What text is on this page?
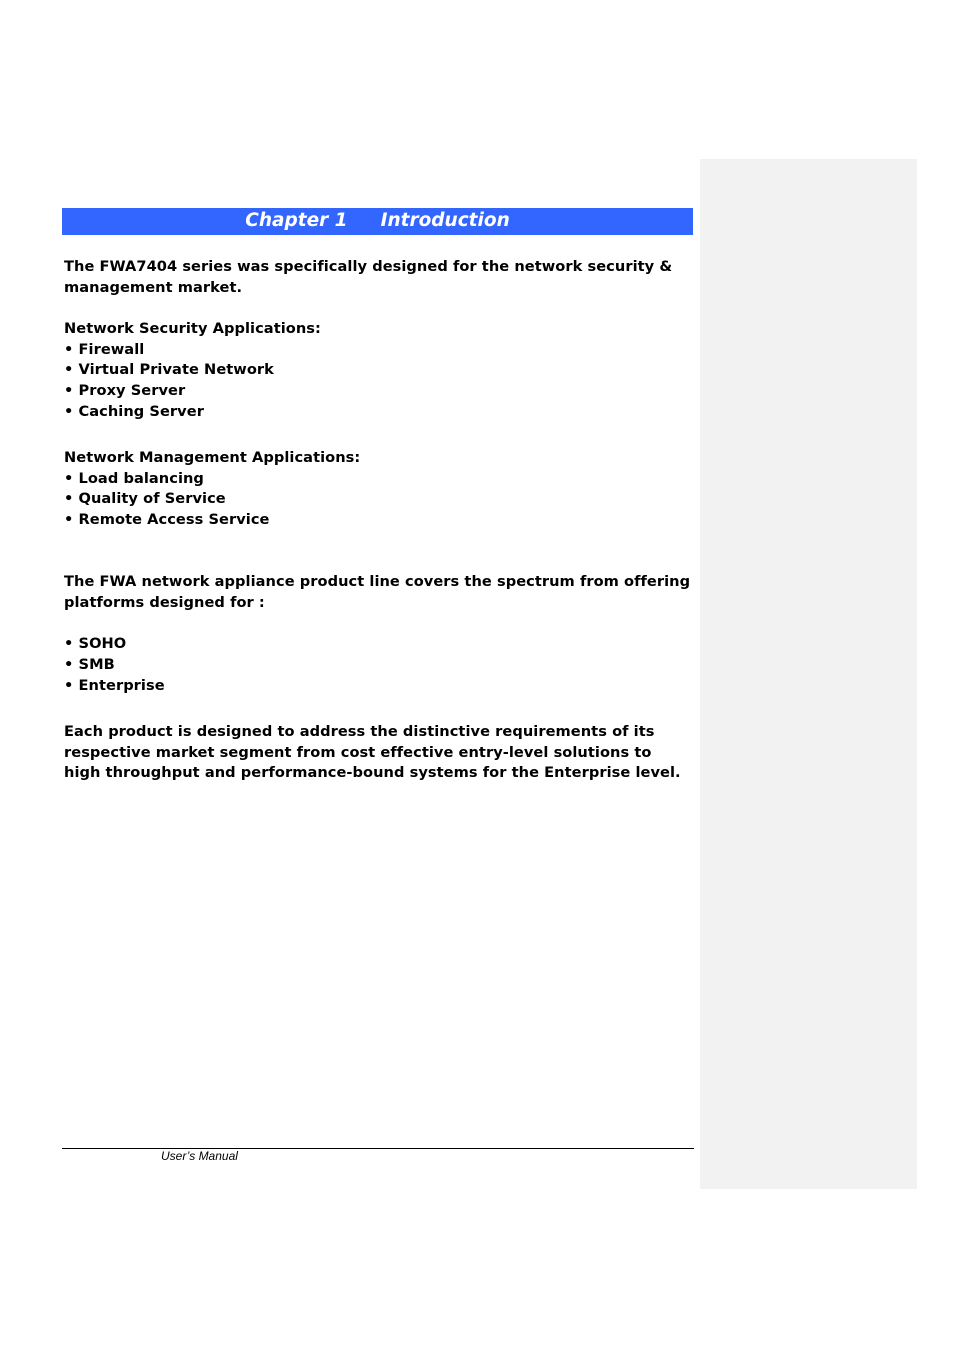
Chapter 1 Introduction
The FWA7404 series was specifically designed for the network security &
management market.
Network Security Applications:
• Firewall
• Virtual Private Network
• Proxy Server
• Caching Server
Network Management Applications:
• Load balancing
• Quality of Service
• Remote Access Service
The FWA network appliance product line covers the spectrum from offering
platforms designed for :
• SOHO
• SMB
• Enterprise
Each product is designed to address the distinctive requirements of its
respective market segment from cost effective entry-level solutions to
high throughput and performance-bound systems for the Enterprise level.
User’s Manual
